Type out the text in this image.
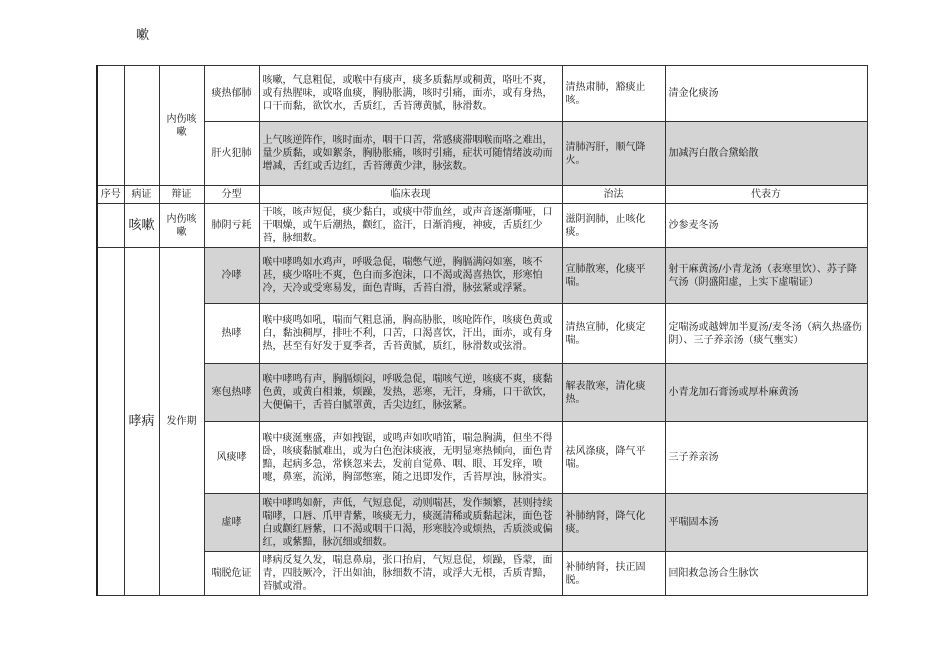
嗽
		内伤咳嗽	痰热郁肺	咳嗽，气息粗促，或喉中有痰声，痰多质黏厚或稠黄，咯吐不爽，或有热腥味，或咯血痰，胸胁胀满，咳时引痛，面赤，或有身热，口干而黏，欲饮水，舌质红，舌苔薄黄腻，脉滑数。	清热肃肺，豁痰止咳。	清金化痰汤
			肝火犯肺	上气咳逆阵作，咳时面赤，咽干口苦，常感痰滞咽喉而咯之难出，量少质黏，或如絮条，胸胁胀痛，咳时引痛，症状可随情绪波动而增减，舌红或舌边红，舌苔薄黄少津，脉弦数。	清肺泻肝，顺气降火。	加减泻白散合黛蛤散
序号	病证	辩证	分型	临床表现	治法	代表方
	咳嗽	内伤咳嗽	肺阴亏耗	干咳，咳声短促，痰少黏白，或痰中带血丝，或声音逐渐嘶哑，口干咽燥，或午后潮热，颧红，盗汗，日渐消瘦，神疲，舌质红少苔，脉细数。	滋阴润肺，止咳化痰。	沙参麦冬汤
	哮病	发作期	冷哮	喉中哮鸣如水鸡声，呼吸急促，喘憋气逆，胸膈满闷如塞，咳不甚，痰少咯吐不爽，色白而多泡沫，口不渴或渴喜热饮，形寒怕冷，天冷或受寒易发，面色青晦，舌苔白滑，脉弦紧或浮紧。	宣肺散寒，化痰平喘。	射干麻黄汤/小青龙汤（表寒里饮）、苏子降气汤（阴盛阳虚，上实下虚喘证）
			热哮	喉中痰鸣如吼，喘而气粗息涌，胸高胁胀，咳呛阵作，咳痰色黄或白，黏浊稠厚，排吐不利，口苦，口渴喜饮，汗出，面赤，或有身热，甚至有好发于夏季者，舌苔黄腻，质红，脉滑数或弦滑。	清热宣肺，化痰定喘。	定喘汤或越婢加半夏汤/麦冬汤（病久热盛伤阴）、三子养亲汤（痰气壅实）
			寒包热哮	喉中哮鸣有声，胸膈烦闷，呼吸急促，喘咳气逆，咳痰不爽，痰黏色黄，或黄白相兼，烦躁，发热，恶寒，无汗，身痛，口干欲饮，大便偏干，舌苔白腻罩黄，舌尖边红，脉弦紧。	解表散寒，清化痰热。	小青龙加石膏汤或厚朴麻黄汤
			风痰哮	喉中痰涎壅盛，声如拽锯，或鸣声如吹哨笛，喘急胸满，但坐不得卧，咳痰黏腻难出，或为白色泡沫痰液，无明显寒热倾向，面色青黯，起病多急，常倏忽来去，发前自觉鼻、咽、眼、耳发痒，喷嚏，鼻塞，流涕，胸部憋塞，随之迅即发作，舌苔厚浊，脉滑实。	祛风涤痰，降气平喘。	三子养亲汤
			虚哮	喉中哮鸣如鼾，声低，气短息促，动则喘甚，发作频繁，甚则持续喘哮，口唇、爪甲青紫，咳痰无力，痰涎清稀或质黏起沫，面色苍白或颧红唇紫，口不渴或咽干口渴，形寒肢冷或烦热，舌质淡或偏红，或紫黯，脉沉细或细数。	补肺纳肾，降气化痰。	平喘固本汤
			喘脱危证	哮病反复久发，喘息鼻扇，张口抬肩，气短息促，烦躁，昏蒙，面青，四肢厥冷，汗出如油，脉细数不清，或浮大无根，舌质青黯，苔腻或滑。	补肺纳肾，扶正固脱。	回阳救急汤合生脉饮
